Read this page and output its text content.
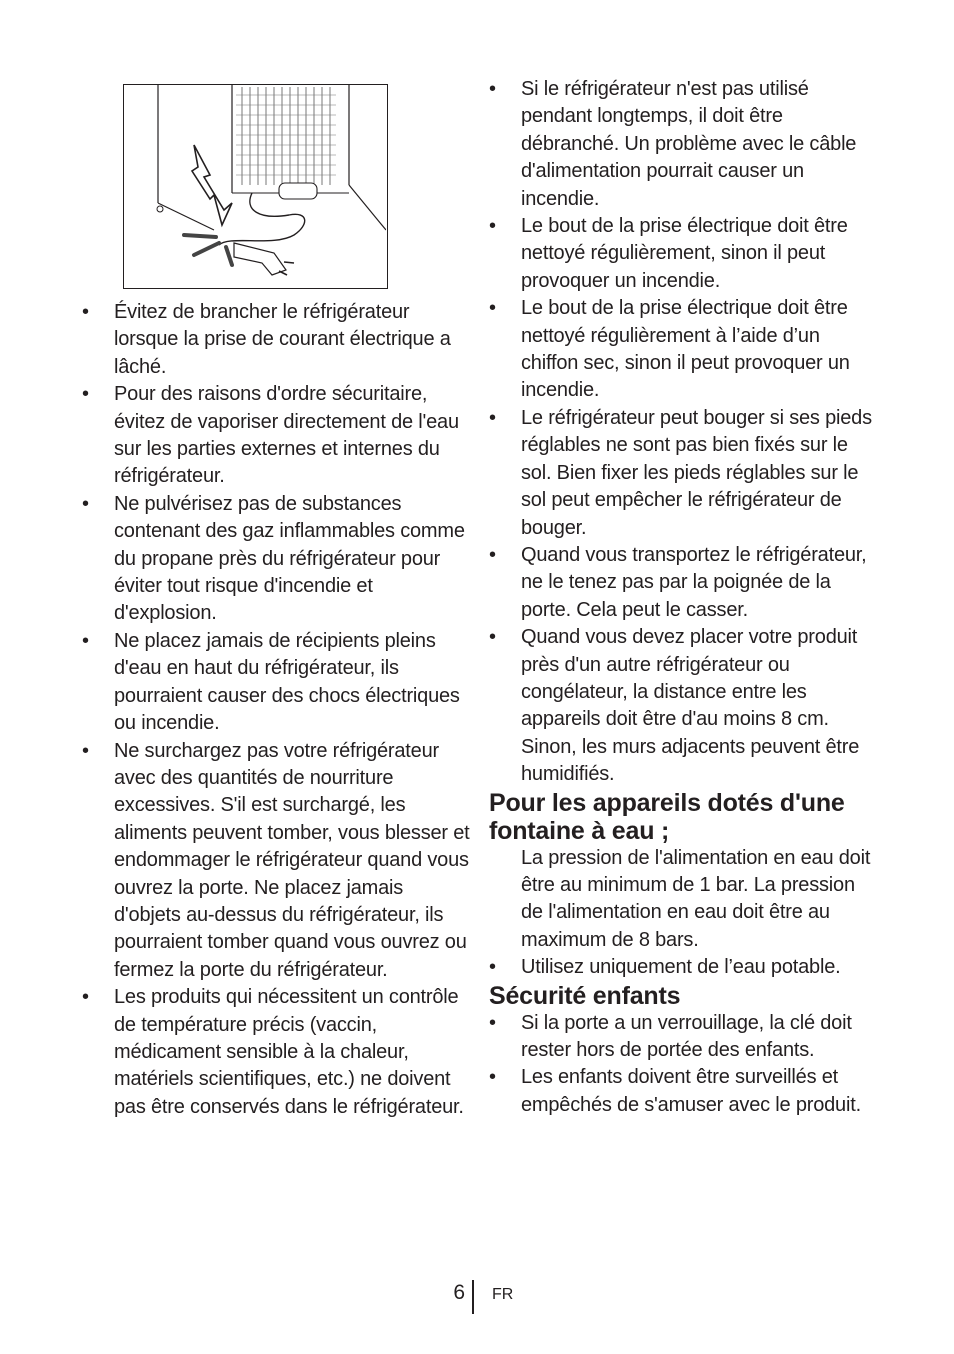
• Évitez de brancher le réfrigérateur lorsque la prise de courant électrique a lâché.
• Pour des raisons d'ordre sécuritaire, évitez de vaporiser directement de l'eau sur les parties externes et internes du réfrigérateur.
• Ne pulvérisez pas de substances contenant des gaz inflammables comme du propane près du réfrigérateur pour éviter tout risque d'incendie et d'explosion.
• Ne placez jamais de récipients pleins d'eau en haut du réfrigérateur, ils pourraient causer des chocs électriques ou incendie.
• Ne surchargez pas votre réfrigérateur avec des quantités de nourriture excessives. S'il est surchargé, les aliments peuvent tomber, vous blesser et endommager le réfrigérateur quand vous ouvrez la porte. Ne placez jamais d'objets au-dessus du réfrigérateur, ils pourraient tomber quand vous ouvrez ou fermez la porte du réfrigérateur.
• Les produits qui nécessitent un contrôle de température précis (vaccin, médicament sensible à la chaleur, matériels scientifiques, etc.) ne doivent pas être conservés dans le réfrigérateur.
• Si le réfrigérateur n'est pas utilisé pendant longtemps, il doit être débranché. Un problème avec le câble d'alimentation pourrait causer un incendie.
• Le bout de la prise électrique doit être nettoyé régulièrement, sinon il peut provoquer un incendie.
• Le bout de la prise électrique doit être nettoyé régulièrement à l’aide d’un chiffon sec, sinon il peut provoquer un incendie.
• Le réfrigérateur peut bouger si ses pieds réglables ne sont pas bien fixés sur le sol. Bien fixer les pieds réglables sur le sol peut empêcher le réfrigérateur de bouger.
• Quand vous transportez le réfrigérateur, ne le tenez pas par la poignée de la porte. Cela peut le casser.
• Quand vous devez placer votre produit près d'un autre réfrigérateur ou congélateur, la distance entre les appareils doit être d'au moins 8 cm. Sinon, les murs adjacents peuvent être humidifiés.
Pour les appareils dotés d'une fontaine à eau ;

La pression de l'alimentation en eau doit être au minimum de 1 bar. La pression de l'alimentation en eau doit être au maximum de 8 bars.

• Utilisez uniquement de l’eau potable.
Sécurité enfants
• Si la porte a un verrouillage, la clé doit rester hors de portée des enfants.
• Les enfants doivent être surveillés et empêchés de s'amuser avec le produit.
6 FR
